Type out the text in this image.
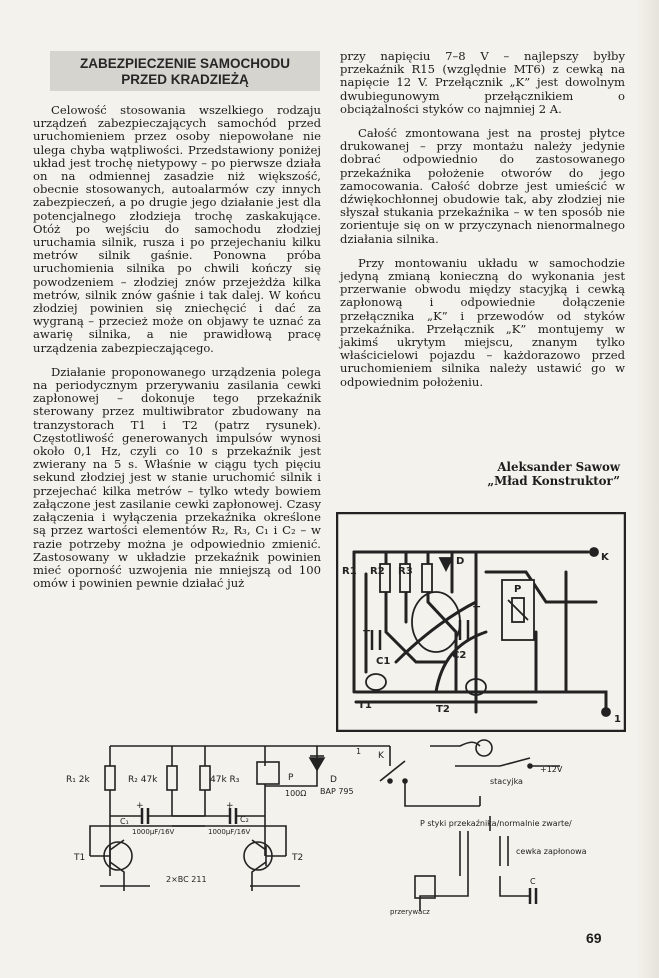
ZABEZPIECZENIE SAMOCHODU
PRZED KRADZIEŻĄ

Celowość stosowania wszelkiego rodzaju urządzeń zabezpieczających samochód przed uruchomieniem przez osoby niepowołane nie ulega chyba wątpliwości. Przedstawiony poniżej układ jest trochę nietypowy – po pierwsze działa on na odmiennej zasadzie niż większość, obecnie stosowanych, autoalarmów czy innych zabezpieczeń, a po drugie jego działanie jest dla potencjalnego złodzieja trochę zaskakujące. Otóż po wejściu do samochodu złodziej uruchamia silnik, rusza i po przejechaniu kilku metrów silnik gaśnie. Ponowna próba uruchomienia silnika po chwili kończy się powodzeniem – złodziej znów przejeżdża kilka metrów, silnik znów gaśnie i tak dalej. W końcu złodziej powinien się zniechęcić i dać za wygraną – przecież może on objawy te uznać za awarię silnika, a nie prawidłową pracę urządzenia zabezpieczającego.

Działanie proponowanego urządzenia polega na periodycznym przerywaniu zasilania cewki zapłonowej – dokonuje tego przekaźnik sterowany przez multiwibrator zbudowany na tranzystorach T1 i T2 (patrz rysunek). Częstotliwość generowanych impulsów wynosi około 0,1 Hz, czyli co 10 s przekaźnik jest zwierany na 5 s. Właśnie w ciągu tych pięciu sekund złodziej jest w stanie uruchomić silnik i przejechać kilka metrów – tylko wtedy bowiem załączone jest zasilanie cewki zapłonowej. Czasy załączenia i wyłączenia przekaźnika określone są przez wartości elementów R₂, R₃, C₁ i C₂ – w razie potrzeby można je odpowiednio zmienić. Zastosowany w układzie przekaźnik powinien mieć oporność uzwojenia nie mniejszą od 100 omów i powinien pewnie działać już

przy napięciu 7–8 V – najlepszy byłby przekaźnik R15 (względnie MT6) z cewką na napięcie 12 V. Przełącznik „K” jest dowolnym dwubiegunowym przełącznikiem o obciążalności styków co najmniej 2 A.

Całość zmontowana jest na prostej płytce drukowanej – przy montażu należy jedynie dobrać odpowiednio do zastosowanego przekaźnika położenie otworów do jego zamocowania. Całość dobrze jest umieścić w dźwiękochłonnej obudowie tak, aby złodziej nie słyszał stukania przekaźnika – w ten sposób nie zorientuje się on w przyczynach nienormalnego działania silnika.

Przy montowaniu układu w samochodzie jedyną zmianą konieczną do wykonania jest przerwanie obwodu między stacyjką i cewką zapłonową i odpowiednie dołączenie przełącznika „K” i przewodów od styków przekaźnika. Przełącznik „K” montujemy w jakimś ukrytym miejscu, znanym tylko właścicielowi pojazdu – każdorazowo przed uruchomieniem silnika należy ustawić go w odpowiednim położeniu.

Aleksander Sawow
„Mład Konstruktor”
R1 R2 R3
D
P
K
C1
C2
T1	T2
+
+
1
R₁ 2k	R₂ 47k	47k R₃	P
100Ω
D
BAP 795
C₁
1000μF/16V
C₂
1000μF/16V
+	+
T1	T2
2×BC 211
K
+12V
stacyjka
P styki przekaźnika/normalnie zwarte/
cewka zapłonowa
C
przerywacz
1
69
